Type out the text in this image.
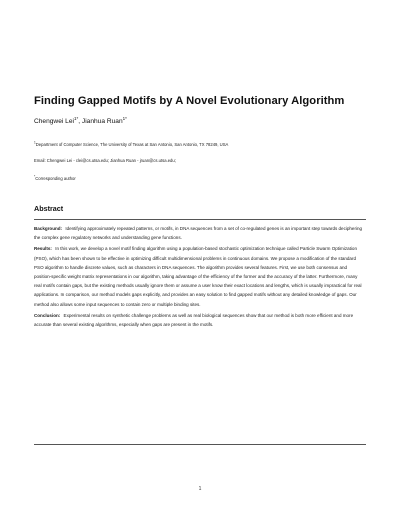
Finding Gapped Motifs by A Novel Evolutionary Algorithm
Chengwei Lei$^{1*}$, Jianhua Ruan$^{1*}$
$^1$Department of Computer Science, The University of Texas at San Antonio, San Antonio, TX 78249, USA
Email: Chengwei Lei - clei@cs.utsa.edu; Jianhua Ruan - jruan@cs.utsa.edu;
*Corresponding author
Abstract

Background: Identifying approximately repeated patterns, or motifs, in DNA sequences from a set of co-regulated genes is an important step towards deciphering the complex gene regulatory networks and understanding gene functions.

Results: In this work, we develop a novel motif finding algorithm using a population-based stochastic optimization technique called Particle Swarm Optimization (PSO), which has been shown to be effective in optimizing difficult multidimensional problems in continuous domains. We propose a modification of the standard PSO algorithm to handle discrete values, such as characters in DNA sequences. The algorithm provides several features. First, we use both consensus and position-specific weight matrix representations in our algorithm, taking advantage of the efficiency of the former and the accuracy of the latter. Furthermore, many real motifs contain gaps, but the existing methods usually ignore them or assume a user know their exact locations and lengths, which is usually impractical for real applications. In comparison, our method models gaps explicitly, and provides an easy solution to find gapped motifs without any detailed knowledge of gaps. Our method also allows some input sequences to contain zero or multiple binding sites.

Conclusion: Experimental results on synthetic challenge problems as well as real biological sequences show that our method is both more efficient and more accurate than several existing algorithms, especially when gaps are present in the motifs.

1
